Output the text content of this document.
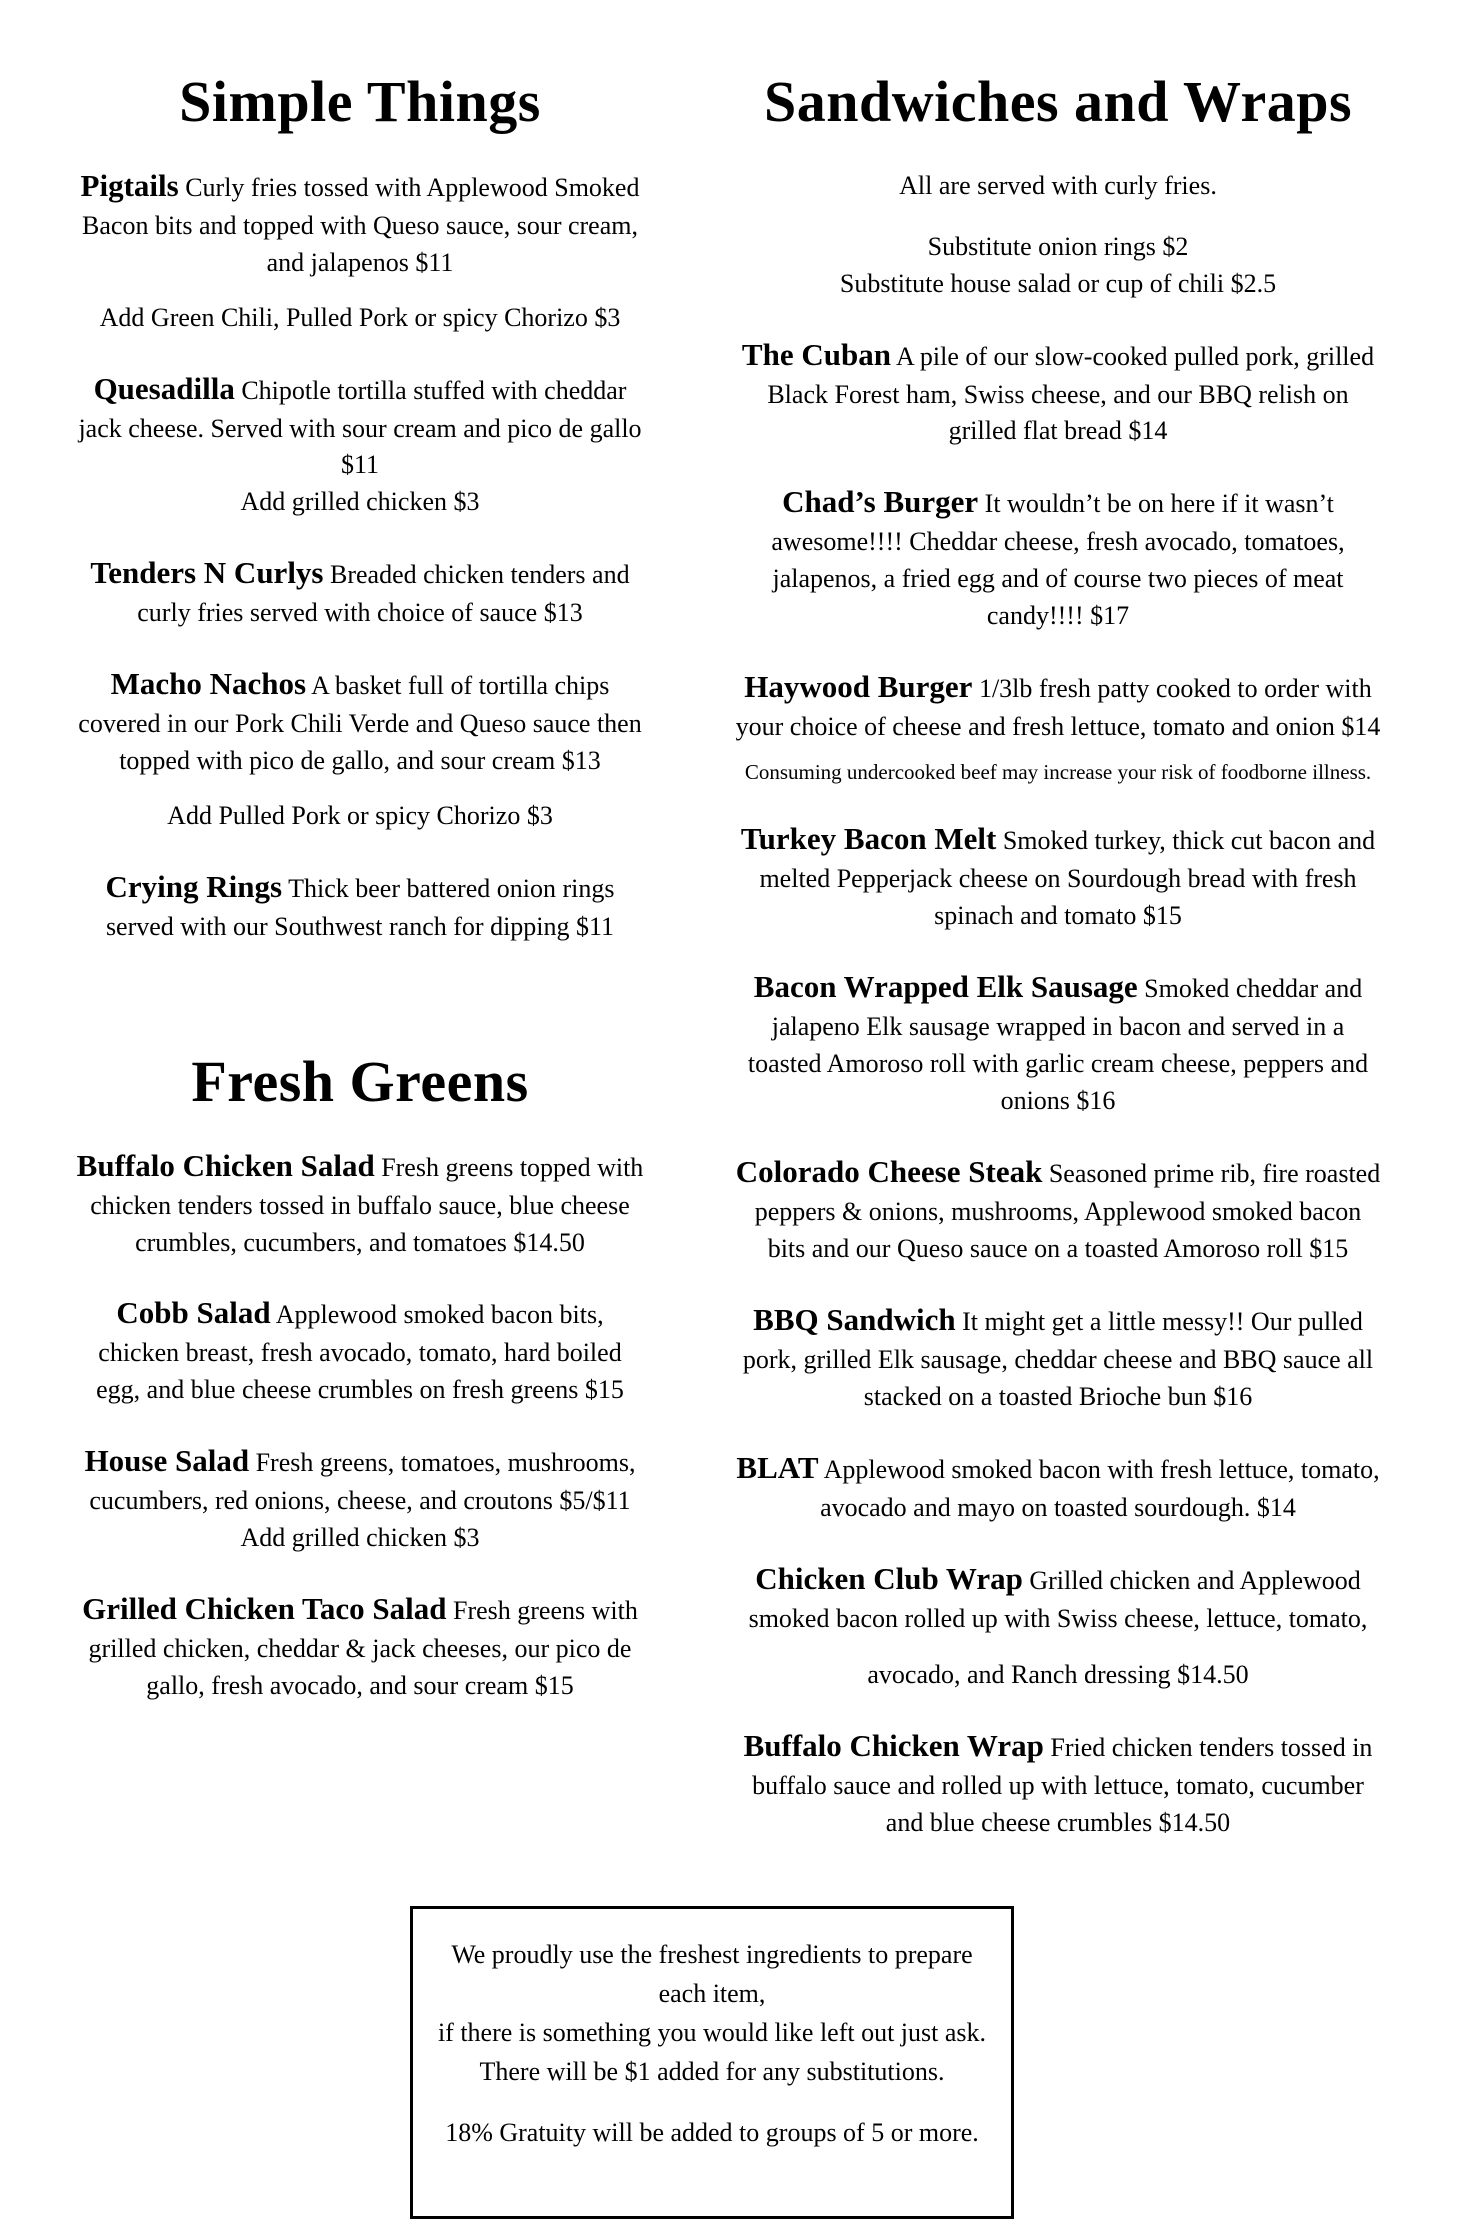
Simple Things

Pigtails Curly fries tossed with Applewood Smoked Bacon bits and topped with Queso sauce, sour cream, and jalapenos $11

Add Green Chili, Pulled Pork or spicy Chorizo $3

Quesadilla Chipotle tortilla stuffed with cheddar jack cheese. Served with sour cream and pico de gallo $11

Add grilled chicken $3

Tenders N Curlys Breaded chicken tenders and curly fries served with choice of sauce $13

Macho Nachos A basket full of tortilla chips covered in our Pork Chili Verde and Queso sauce then topped with pico de gallo, and sour cream $13

Add Pulled Pork or spicy Chorizo $3

Crying Rings Thick beer battered onion rings served with our Southwest ranch for dipping $11

Fresh Greens

Buffalo Chicken Salad Fresh greens topped with chicken tenders tossed in buffalo sauce, blue cheese crumbles, cucumbers, and tomatoes $14.50

Cobb Salad Applewood smoked bacon bits, chicken breast, fresh avocado, tomato, hard boiled egg, and blue cheese crumbles on fresh greens $15

House Salad Fresh greens, tomatoes, mushrooms, cucumbers, red onions, cheese, and croutons $5/$11

Add grilled chicken $3

Grilled Chicken Taco Salad Fresh greens with grilled chicken, cheddar & jack cheeses, our pico de gallo, fresh avocado, and sour cream $15

Sandwiches and Wraps

All are served with curly fries.

Substitute onion rings $2
Substitute house salad or cup of chili $2.5

The Cuban A pile of our slow-cooked pulled pork, grilled Black Forest ham, Swiss cheese, and our BBQ relish on grilled flat bread $14

Chad’s Burger It wouldn’t be on here if it wasn’t awesome!!!! Cheddar cheese, fresh avocado, tomatoes, jalapenos, a fried egg and of course two pieces of meat candy!!!! $17

Haywood Burger 1/3lb fresh patty cooked to order with your choice of cheese and fresh lettuce, tomato and onion $14

Consuming undercooked beef may increase your risk of foodborne illness.

Turkey Bacon Melt Smoked turkey, thick cut bacon and melted Pepperjack cheese on Sourdough bread with fresh spinach and tomato $15

Bacon Wrapped Elk Sausage Smoked cheddar and jalapeno Elk sausage wrapped in bacon and served in a toasted Amoroso roll with garlic cream cheese, peppers and onions $16

Colorado Cheese Steak Seasoned prime rib, fire roasted peppers & onions, mushrooms, Applewood smoked bacon bits and our Queso sauce on a toasted Amoroso roll $15

BBQ Sandwich It might get a little messy!! Our pulled pork, grilled Elk sausage, cheddar cheese and BBQ sauce all stacked on a toasted Brioche bun $16

BLAT Applewood smoked bacon with fresh lettuce, tomato, avocado and mayo on toasted sourdough. $14

Chicken Club Wrap Grilled chicken and Applewood smoked bacon rolled up with Swiss cheese, lettuce, tomato,

avocado, and Ranch dressing $14.50

Buffalo Chicken Wrap Fried chicken tenders tossed in buffalo sauce and rolled up with lettuce, tomato, cucumber and blue cheese crumbles $14.50

We proudly use the freshest ingredients to prepare each item,

if there is something you would like left out just ask.

There will be $1 added for any substitutions.

18% Gratuity will be added to groups of 5 or more.
